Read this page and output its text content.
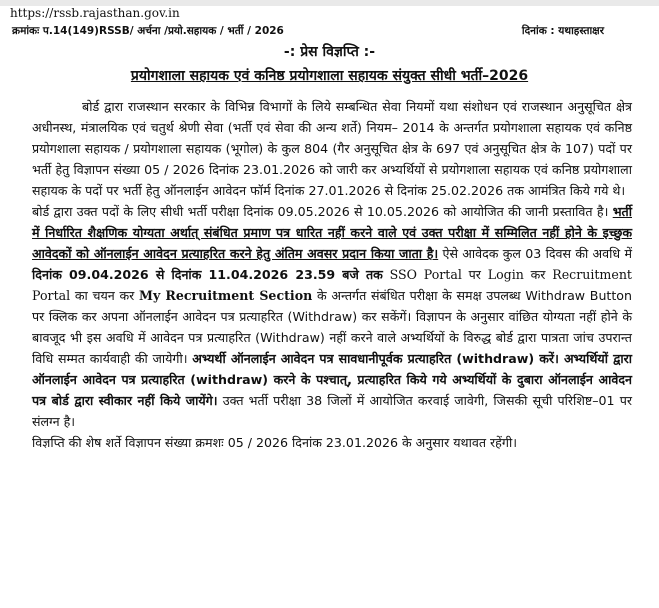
https://rssb.rajasthan.gov.in
क्रमांकः प.14(149)RSSB/ अर्चना /प्रयो.सहायक / भर्ती / 2026	दिनांक : यथाहस्ताक्षर
-: प्रेस विज्ञप्ति :-
प्रयोगशाला सहायक एवं कनिष्ठ प्रयोगशाला सहायक संयुक्त सीधी भर्ती–2026

बोर्ड द्वारा राजस्थान सरकार के विभिन्न विभागों के लिये सम्बन्धित सेवा नियमों यथा संशोधन एवं राजस्थान अनुसूचित क्षेत्र अधीनस्थ, मंत्रालयिक एवं चतुर्थ श्रेणी सेवा (भर्ती एवं सेवा की अन्य शर्ते) नियम– 2014 के अन्तर्गत प्रयोगशाला सहायक एवं कनिष्ठ प्रयोगशाला सहायक / प्रयोगशाला सहायक (भूगोल) के कुल 804 (गैर अनुसूचित क्षेत्र के 697 एवं अनुसूचित क्षेत्र के 107) पदों पर भर्ती हेतु विज्ञापन संख्या 05 / 2026 दिनांक 23.01.2026 को जारी कर अभ्यर्थियों से प्रयोगशाला सहायक एवं कनिष्ठ प्रयोगशाला सहायक के पदों पर भर्ती हेतु ऑनलाईन आवेदन फॉर्म दिनांक 27.01.2026 से दिनांक 25.02.2026 तक आमंत्रित किये गये थे।

बोर्ड द्वारा उक्त पदों के लिए सीधी भर्ती परीक्षा दिनांक 09.05.2026 से 10.05.2026 को आयोजित की जानी प्रस्तावित है। भर्ती में निर्धारित शैक्षणिक योग्यता अर्थात् संबंधित प्रमाण पत्र धारित नहीं करने वाले एवं उक्त परीक्षा में सम्मिलित नहीं होने के इच्छुक आवेदकों को ऑनलाईन आवेदन प्रत्याहरित करने हेतु अंतिम अवसर प्रदान किया जाता है। ऐसे आवेदक कुल 03 दिवस की अवधि में दिनांक 09.04.2026 से दिनांक 11.04.2026 23.59 बजे तक SSO Portal पर Login कर Recruitment Portal का चयन कर My Recruitment Section के अन्तर्गत संबंधित परीक्षा के समक्ष उपलब्ध Withdraw Button पर क्लिक कर अपना ऑनलाईन आवेदन पत्र प्रत्याहरित (Withdraw) कर सकेंगें। विज्ञापन के अनुसार वांछित योग्यता नहीं होने के बावजूद भी इस अवधि में आवेदन पत्र प्रत्याहरित (Withdraw) नहीं करने वाले अभ्यर्थियों के विरुद्ध बोर्ड द्वारा पात्रता जांच उपरान्त विधि सम्मत कार्यवाही की जायेगी। अभ्यर्थी ऑनलाईन आवेदन पत्र सावधानीपूर्वक प्रत्याहरित (withdraw) करें। अभ्यर्थियों द्वारा ऑनलाईन आवेदन पत्र प्रत्याहरित (withdraw) करने के पश्चात्, प्रत्याहरित किये गये अभ्यर्थियों के दुबारा ऑनलाईन आवेदन पत्र बोर्ड द्वारा स्वीकार नहीं किये जायेंगे। उक्त भर्ती परीक्षा 38 जिलों में आयोजित करवाई जावेगी, जिसकी सूची परिशिष्ट–01 पर संलग्न है।

विज्ञप्ति की शेष शर्ते विज्ञापन संख्या क्रमशः 05 / 2026 दिनांक 23.01.2026 के अनुसार यथावत रहेंगी।
